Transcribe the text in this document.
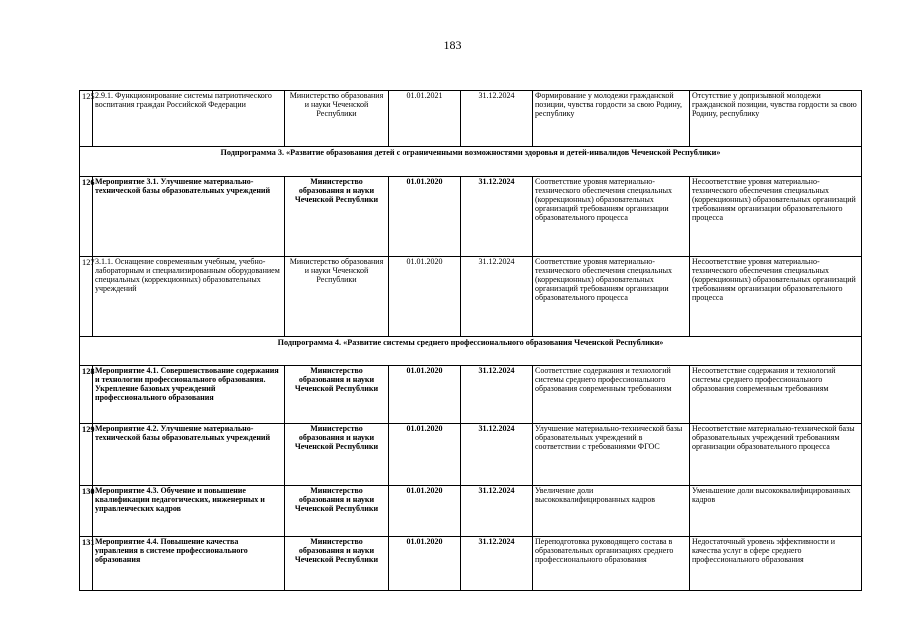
183
125	2.9.1. Функционирование системы патриотического воспитания граждан Российской Федерации	Министерство образования и науки Чеченской Республики	01.01.2021	31.12.2024	Формирование у молодежи гражданской позиции, чувства гордости за свою Родину, республику	Отсутствие у допризывной молодежи гражданской позиции, чувства гордости за свою Родину, республику
Подпрограмма 3. «Развитие образования детей с ограниченными возможностями здоровья и детей-инвалидов Чеченской Республики»						
126	Мероприятие 3.1. Улучшение материально-технической базы образовательных учреждений	Министерство образования и науки Чеченской Республики	01.01.2020	31.12.2024	Соответствие уровня материально-технического обеспечения специальных (коррекционных) образовательных организаций требованиям организации образовательного процесса	Несоответствие уровня материально-технического обеспечения специальных (коррекционных) образовательных организаций требованиям организации образовательного процесса
127	3.1.1. Оснащение современным учебным, учебно-лабораторным и специализированным оборудованием специальных (коррекционных) образовательных учреждений	Министерство образования и науки Чеченской Республики	01.01.2020	31.12.2024	Соответствие уровня материально-технического обеспечения специальных (коррекционных) образовательных организаций требованиям организации образовательного процесса	Несоответствие уровня материально-технического обеспечения специальных (коррекционных) образовательных организаций требованиям организации образовательного процесса
Подпрограмма 4. «Развитие системы среднего профессионального образования Чеченской Республики»						
128	Мероприятие 4.1. Совершенствование содержания и технологии профессионального образования. Укрепление базовых учреждений профессионального образования	Министерство образования и науки Чеченской Республики	01.01.2020	31.12.2024	Соответствие содержания и технологий системы среднего профессионального образования современным требованиям	Несоответствие содержания и технологий системы среднего профессионального образования современным требованиям
129	Мероприятие 4.2. Улучшение материально-технической базы образовательных учреждений	Министерство образования и науки Чеченской Республики	01.01.2020	31.12.2024	Улучшение материально-технической базы образовательных учреждений в соответствии с требованиями ФГОС	Несоответствие материально-технической базы образовательных учреждений требованиям организации образовательного процесса
130	Мероприятие 4.3. Обучение и повышение квалификации педагогических, инженерных и управленческих кадров	Министерство образования и науки Чеченской Республики	01.01.2020	31.12.2024	Увеличение доли высококвалифицированных кадров	Уменьшение доли высококвалифицированных кадров
131	Мероприятие 4.4. Повышение качества управления в системе профессионального образования	Министерство образования и науки Чеченской Республики	01.01.2020	31.12.2024	Переподготовка руководящего состава в образовательных организациях среднего профессионального образования	Недостаточный уровень эффективности и качества услуг в сфере среднего профессионального образования
